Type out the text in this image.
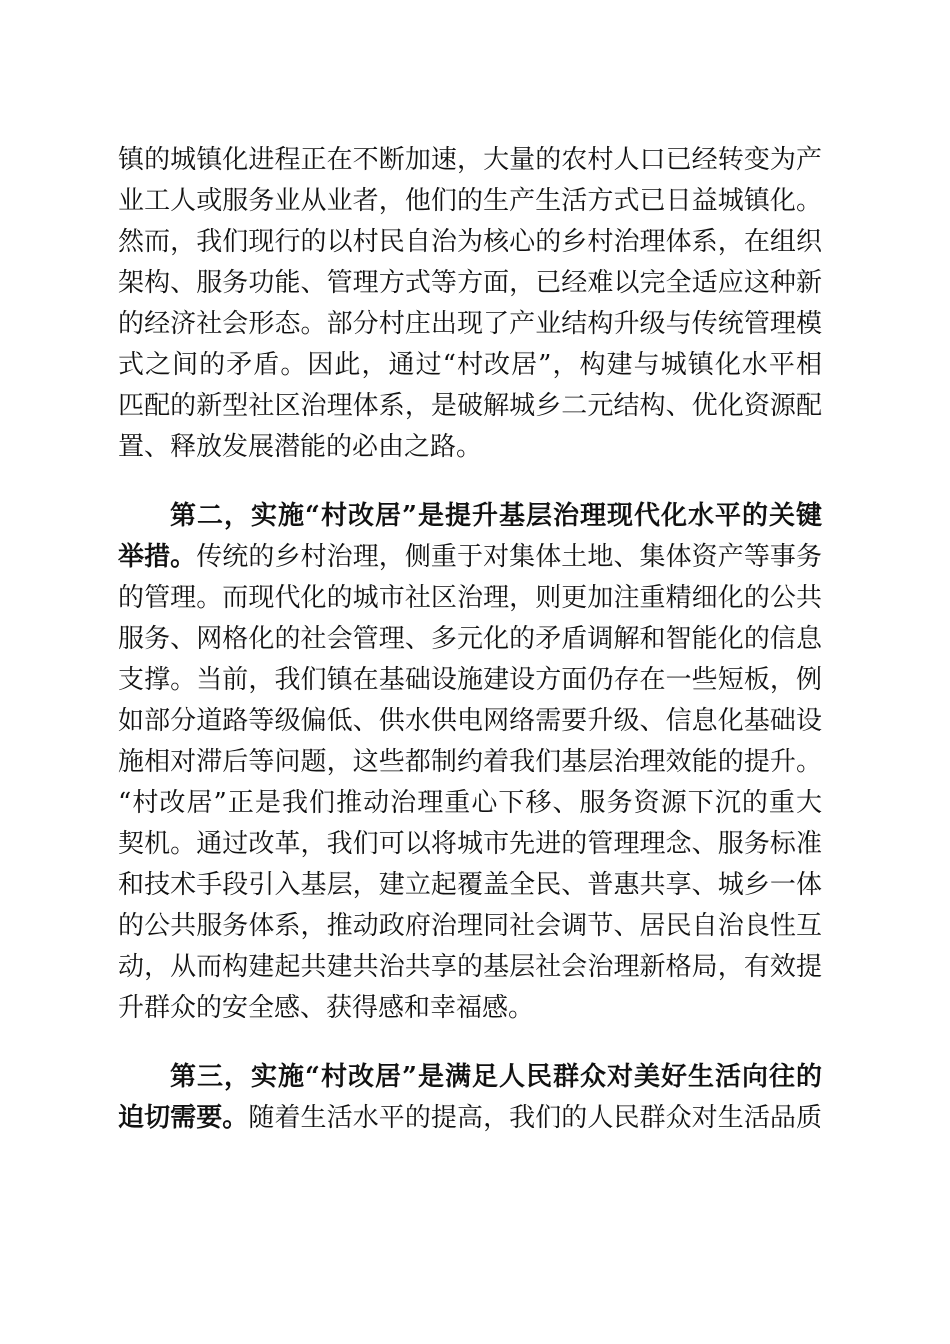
镇的城镇化进程正在不断加速，大量的农村人口已经转变为产
业工人或服务业从业者，他们的生产生活方式已日益城镇化。
然而，我们现行的以村民自治为核心的乡村治理体系，在组织
架构、服务功能、管理方式等方面，已经难以完全适应这种新
的经济社会形态。部分村庄出现了产业结构升级与传统管理模
式之间的矛盾。因此，通过“村改居”，构建与城镇化水平相
匹配的新型社区治理体系，是破解城乡二元结构、优化资源配
置、释放发展潜能的必由之路。
第二，实施“村改居”是提升基层治理现代化水平的关键
举措。传统的乡村治理，侧重于对集体土地、集体资产等事务
的管理。而现代化的城市社区治理，则更加注重精细化的公共
服务、网格化的社会管理、多元化的矛盾调解和智能化的信息
支撑。当前，我们镇在基础设施建设方面仍存在一些短板，例
如部分道路等级偏低、供水供电网络需要升级、信息化基础设
施相对滞后等问题，这些都制约着我们基层治理效能的提升。
“村改居”正是我们推动治理重心下移、服务资源下沉的重大
契机。通过改革，我们可以将城市先进的管理理念、服务标准
和技术手段引入基层，建立起覆盖全民、普惠共享、城乡一体
的公共服务体系，推动政府治理同社会调节、居民自治良性互
动，从而构建起共建共治共享的基层社会治理新格局，有效提
升群众的安全感、获得感和幸福感。
第三，实施“村改居”是满足人民群众对美好生活向往的
迫切需要。随着生活水平的提高，我们的人民群众对生活品质
